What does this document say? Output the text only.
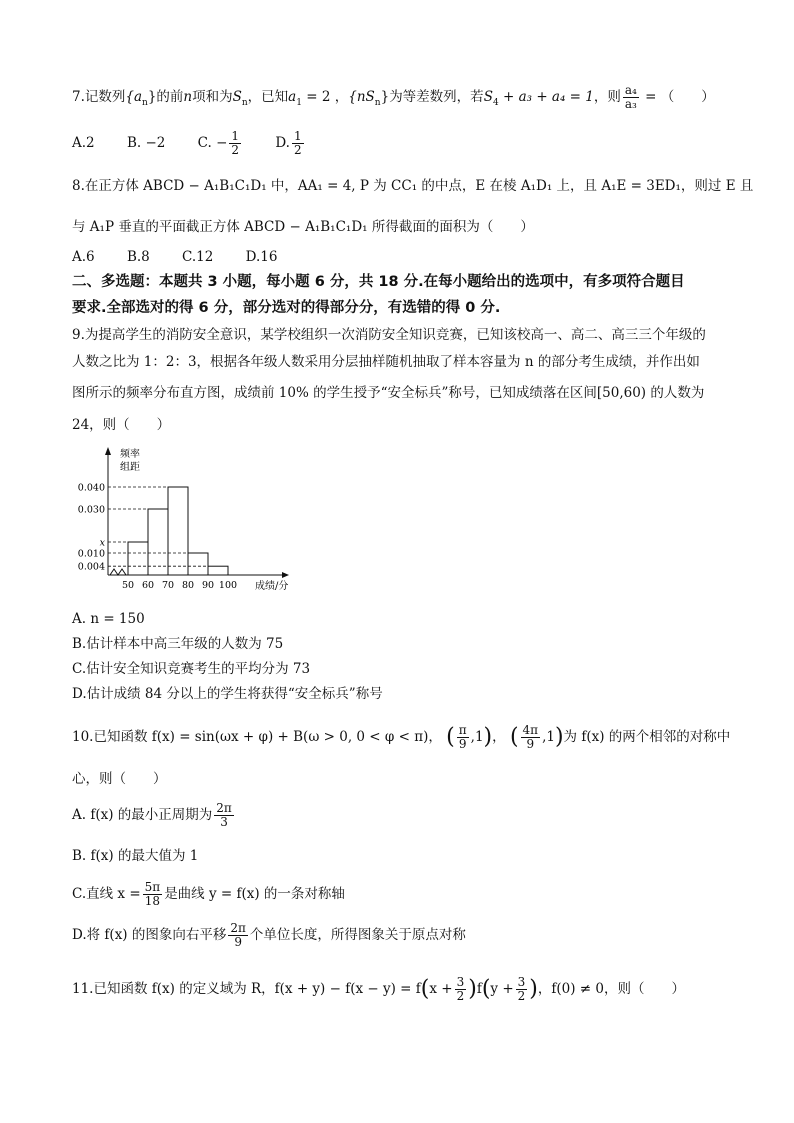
7.记数列$\{a_n\}$的前n项和为$S_n$，已知$a_1 = 2$ ，$\{nS_n\}$为等差数列，若$S_4 + a_3 + a_4 = 1$，则 $\frac{\text{a₄}}{\text{a₃}}$ = （　　）
A.2 B. −2 C. − $\frac{1}{2}$	D. $\frac{1}{2}$
8.在正方体 ABCD − A₁B₁C₁D₁ 中，AA₁ = 4, P 为 CC₁ 的中点，E 在棱 A₁D₁ 上，且 A₁E = 3ED₁，则过 E 且
与 A₁P 垂直的平面截正方体 ABCD − A₁B₁C₁D₁ 所得截面的面积为（　　）
A.6 B.8 C.12 D.16
二、多选题：本题共 3 小题，每小题 6 分，共 18 分.在每小题给出的选项中，有多项符合题目
要求.全部选对的得 6 分，部分选对的得部分分，有选错的得 0 分.
9.为提高学生的消防安全意识，某学校组织一次消防安全知识竞赛，已知该校高一、高二、高三三个年级的
人数之比为 1：2：3，根据各年级人数采用分层抽样随机抽取了样本容量为 n 的部分考生成绩，并作出如
图所示的频率分布直方图，成绩前 10% 的学生授予“安全标兵”称号，已知成绩落在区间[50,60) 的人数为
24，则（　　）
频率
组距
0.040
0.030
x
0.010
0.004
50 60 70 80 90 100 成绩/分
A. n = 150
B.估计样本中高三年级的人数为 75
C.估计安全知识竞赛考生的平均分为 73
D.估计成绩 84 分以上的学生将获得“安全标兵”称号
10.已知函数 f(x) = sin(ωx + φ) + B(ω > 0, 0 < φ < π)， ( $\frac{\pi}{9} ,1$)， ( $\frac{4\pi}{9} ,1$)为 f(x) 的两个相邻的对称中
心，则（　　）
A. f(x) 的最小正周期为 $\frac{2\pi}{3}$
B. f(x) 的最大值为 1
C.直线 $x = \frac{5\pi}{18}$ 是曲线 y = f(x) 的一条对称轴
D.将 f(x) 的图象向右平移 $\frac{2\pi}{9}$ 个单位长度，所得图象关于原点对称
11.已知函数 f(x) 的定义域为 R，$f(x + y) - f(x - y) = f(x + \frac{3}{2} )f(y + \frac{3}{2}$ )，f(0) ≠ 0，则（　　）
